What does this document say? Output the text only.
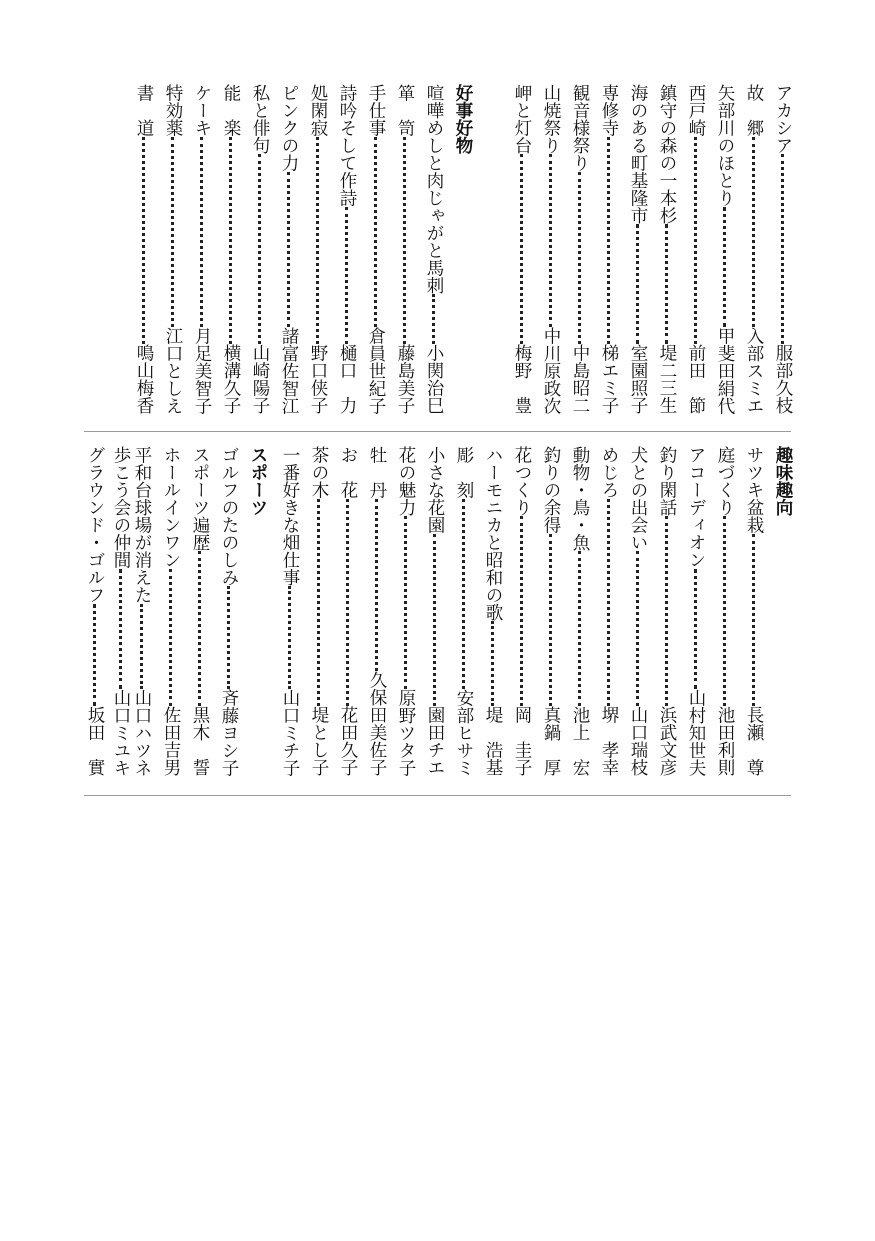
アカシア
服部久枝
故　郷
入部スミエ
矢部川のほとり
甲斐田絹代
西戸崎
前田　節
鎮守の森の一本杉
堤二三生
海のある町基隆市
室園照子
専修寺
梯エミ子
観音様祭り
中島昭二
山焼祭り
中川原政次
岬と灯台
梅野　豊
好事好物
喧嘩めしと肉じゃがと馬刺
小関治巳
箪　笥
藤島美子
手仕事
倉員世紀子
詩吟そして作詩
樋口　力
処閑寂
野口侠子
ピンクの力
諸富佐智江
私と俳句
山崎陽子
能　楽
横溝久子
ケーキ
月足美智子
特効薬
江口としえ
書　道
鳴山梅香
趣味趣向
サツキ盆栽
長瀬　尊
庭づくり
池田利則
アコーディオン
山村知世夫
釣り閑話
浜武文彦
犬との出会い
山口瑞枝
めじろ
堺　孝幸
動物・鳥・魚
池上　宏
釣りの余得
真鍋　厚
花つくり
岡　圭子
ハーモニカと昭和の歌
堤　浩基
彫　刻
安部ヒサミ
小さな花園
園田チエ
花の魅力
原野ツタ子
牡　丹
久保田美佐子
お　花
花田久子
茶の木
堤とし子
一番好きな畑仕事
山口ミチ子
スポーツ
ゴルフのたのしみ
斉藤ヨシ子
スポーツ遍歴
黒木　誓
ホールインワン
佐田吉男
平和台球場が消えた
山口ハツネ
歩こう会の仲間
山口ミユキ
グラウンド・ゴルフ
坂田　實
